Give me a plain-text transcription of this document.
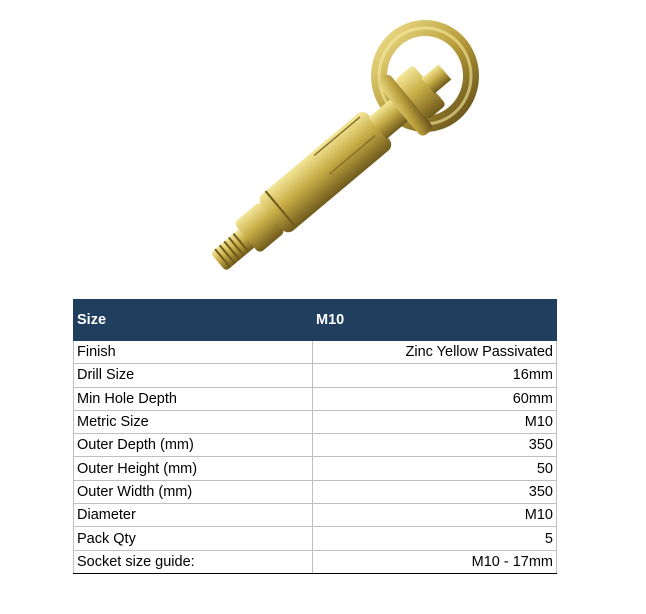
Size	M10
Finish	Zinc Yellow Passivated
Drill Size	16mm
Min Hole Depth	60mm
Metric Size	M10
Outer Depth (mm)	350
Outer Height (mm)	50
Outer Width (mm)	350
Diameter	M10
Pack Qty	5
Socket size guide:	M10 - 17mm
